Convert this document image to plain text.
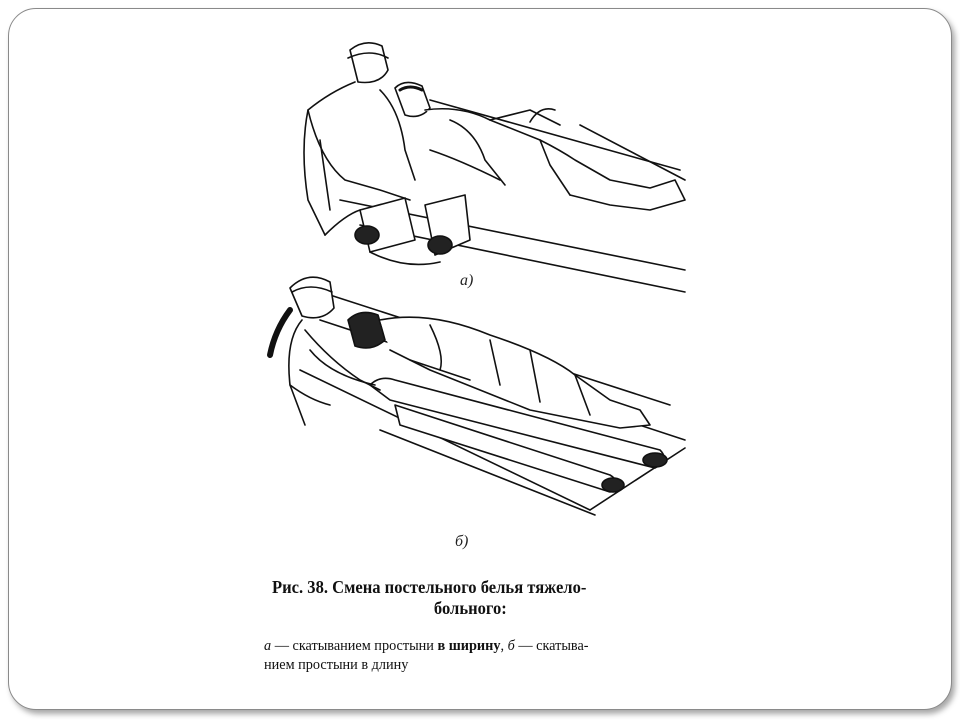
а)
б)
Рис. 38. Смена постельного белья тяжело-
больного:
а — скатыванием простыни в ширину, б — скатыва-
нием простыни в длину
